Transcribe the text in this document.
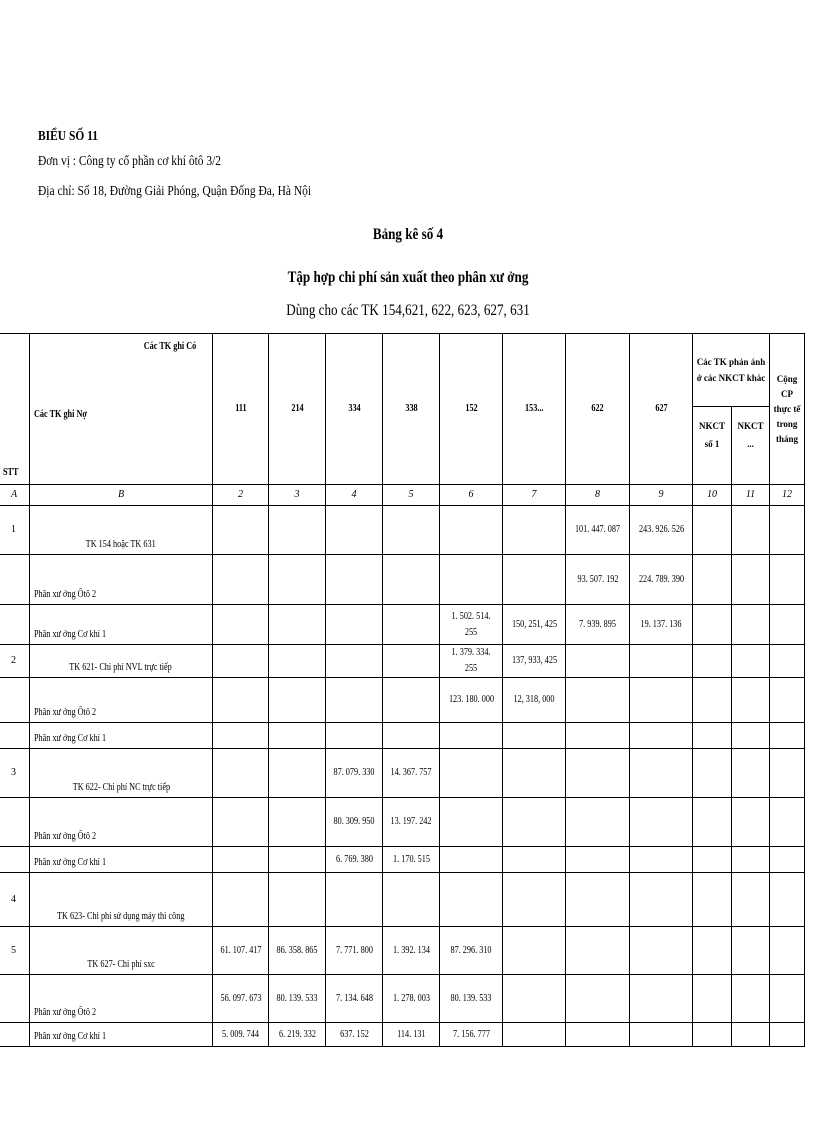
BIỂU SỐ 11
Đơn vị : Công ty cổ phần cơ khí ôtô 3/2
Địa chỉ: Số 18, Đường Giải Phóng, Quận Đống Đa, Hà Nội
Bảng kê số 4
Tập hợp chi phí sản xuất theo phân xư ởng
Dùng cho các TK 154,621, 622, 623, 627, 631
STT	Các TK ghi Có
Các TK ghi Nợ	111	214	334	338	152	153...	622	627	Các TK phản ánh ở các NKCT khác		Cộng CP thực tế trong tháng
										NKCT số 1	NKCT ...	
A	B	2	3	4	5	6	7	8	9	10	11	12
1	TK 154 hoặc TK 631							101. 447. 087	243. 926. 526			
	Phân xư ởng Ôtô 2							93. 507. 192	224. 789. 390			
	Phân xư ởng Cơ khí 1					1. 502. 514. 255	150, 251, 425	7. 939. 895	19. 137. 136			
2	TK 621- Chi phí NVL trực tiếp					1. 379. 334. 255	137, 933, 425					
	Phân xư ởng Ôtô 2					123. 180. 000	12, 318, 000					
	Phân xư ởng Cơ khí 1											
3	TK 622- Chi phí NC trực tiếp			87. 079. 330	14. 367. 757							
	Phân xư ởng Ôtô 2			80. 309. 950	13. 197. 242							
	Phân xư ởng Cơ khí 1			6. 769. 380	1. 170. 515							
4	TK 623- Chi phí sử dụng máy thi công											
5	TK 627- Chi phí sxc	61. 107. 417	86. 358. 865	7. 771. 800	1. 392. 134	87. 296. 310						
	Phân xư ởng Ôtô 2	56. 097. 673	80. 139. 533	7. 134. 648	1. 278. 003	80. 139. 533						
	Phân xư ởng Cơ khí 1	5. 009. 744	6. 219. 332	637. 152	114. 131	7. 156. 777						
